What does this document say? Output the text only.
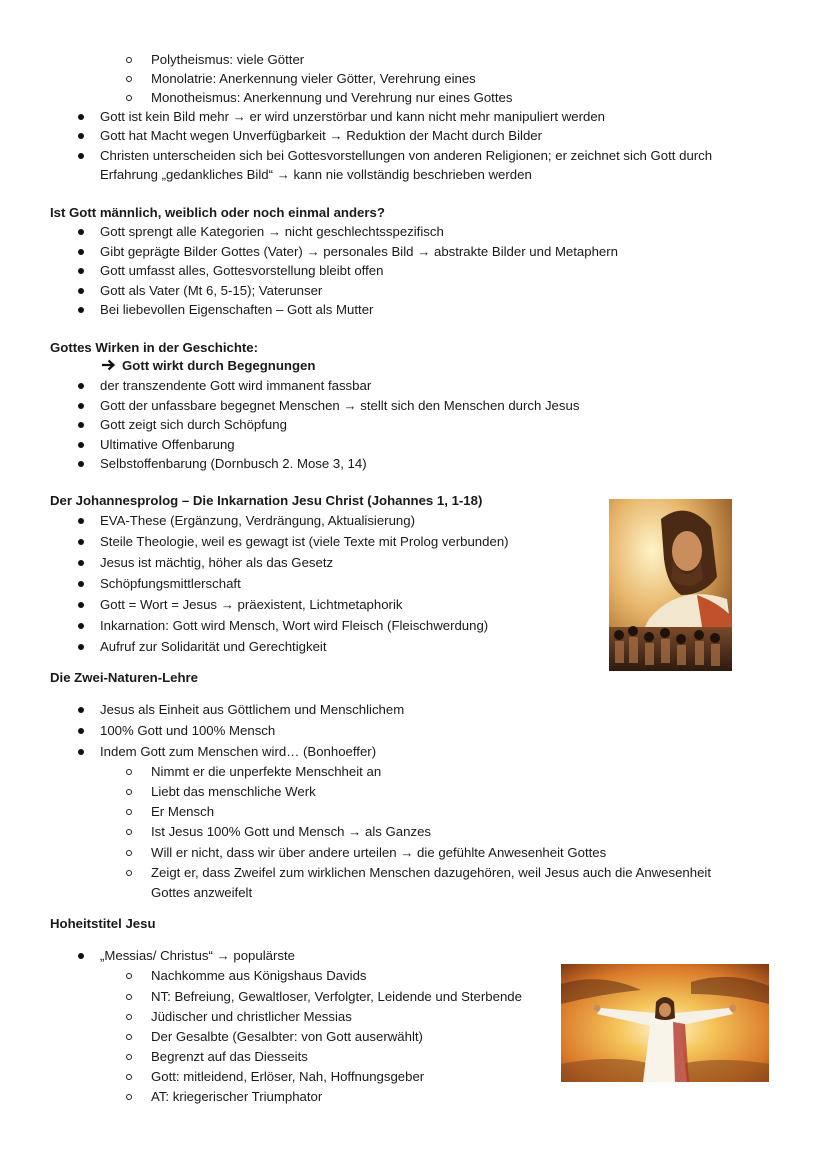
Polytheismus: viele Götter
Monolatrie: Anerkennung vieler Götter, Verehrung eines
Monotheismus: Anerkennung und Verehrung nur eines Gottes
Gott ist kein Bild mehr → er wird unzerstörbar und kann nicht mehr manipuliert werden
Gott hat Macht wegen Unverfügbarkeit → Reduktion der Macht durch Bilder
Christen unterscheiden sich bei Gottesvorstellungen von anderen Religionen; er zeichnet sich Gott durch
Erfahrung „gedankliches Bild“ → kann nie vollständig beschrieben werden
Ist Gott männlich, weiblich oder noch einmal anders?
Gott sprengt alle Kategorien → nicht geschlechtsspezifisch
Gibt geprägte Bilder Gottes (Vater) → personales Bild → abstrakte Bilder und Metaphern
Gott umfasst alles, Gottesvorstellung bleibt offen
Gott als Vater (Mt 6, 5-15); Vaterunser
Bei liebevollen Eigenschaften – Gott als Mutter
Gottes Wirken in der Geschichte:
Gott wirkt durch Begegnungen
der transzendente Gott wird immanent fassbar
Gott der unfassbare begegnet Menschen → stellt sich den Menschen durch Jesus
Gott zeigt sich durch Schöpfung
Ultimative Offenbarung
Selbstoffenbarung (Dornbusch 2. Mose 3, 14)
Der Johannesprolog – Die Inkarnation Jesu Christ (Johannes 1, 1-18)
EVA-These (Ergänzung, Verdrängung, Aktualisierung)
Steile Theologie, weil es gewagt ist (viele Texte mit Prolog verbunden)
Jesus ist mächtig, höher als das Gesetz
Schöpfungsmittlerschaft
Gott = Wort = Jesus → präexistent, Lichtmetaphorik
Inkarnation: Gott wird Mensch, Wort wird Fleisch (Fleischwerdung)
Aufruf zur Solidarität und Gerechtigkeit
Die Zwei-Naturen-Lehre
Jesus als Einheit aus Göttlichem und Menschlichem
100% Gott und 100% Mensch
Indem Gott zum Menschen wird… (Bonhoeffer)
Nimmt er die unperfekte Menschheit an
Liebt das menschliche Werk
Er Mensch
Ist Jesus 100% Gott und Mensch → als Ganzes
Will er nicht, dass wir über andere urteilen → die gefühlte Anwesenheit Gottes
Zeigt er, dass Zweifel zum wirklichen Menschen dazugehören, weil Jesus auch die Anwesenheit
Gottes anzweifelt
Hoheitstitel Jesu
„Messias/ Christus“ → populärste
Nachkomme aus Königshaus Davids
NT: Befreiung, Gewaltloser, Verfolgter, Leidende und Sterbende
Jüdischer und christlicher Messias
Der Gesalbte (Gesalbter: von Gott auserwählt)
Begrenzt auf das Diesseits
Gott: mitleidend, Erlöser, Nah, Hoffnungsgeber
AT: kriegerischer Triumphator
